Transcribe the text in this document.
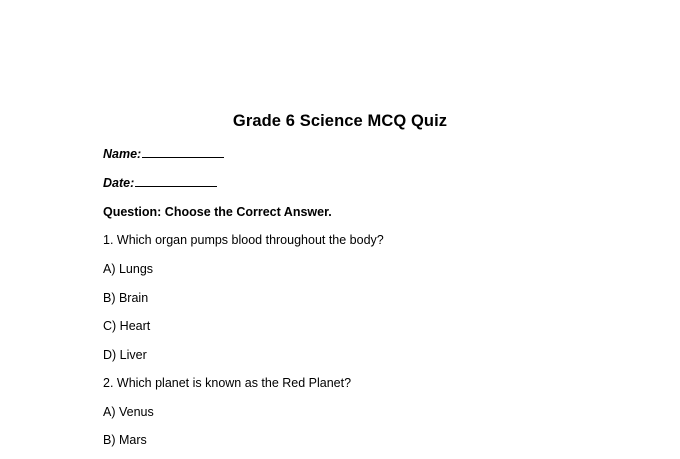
Grade 6 Science MCQ Quiz
Name:
Date:
Question: Choose the Correct Answer.
1. Which organ pumps blood throughout the body?
A) Lungs
B) Brain
C) Heart
D) Liver
2. Which planet is known as the Red Planet?
A) Venus
B) Mars
